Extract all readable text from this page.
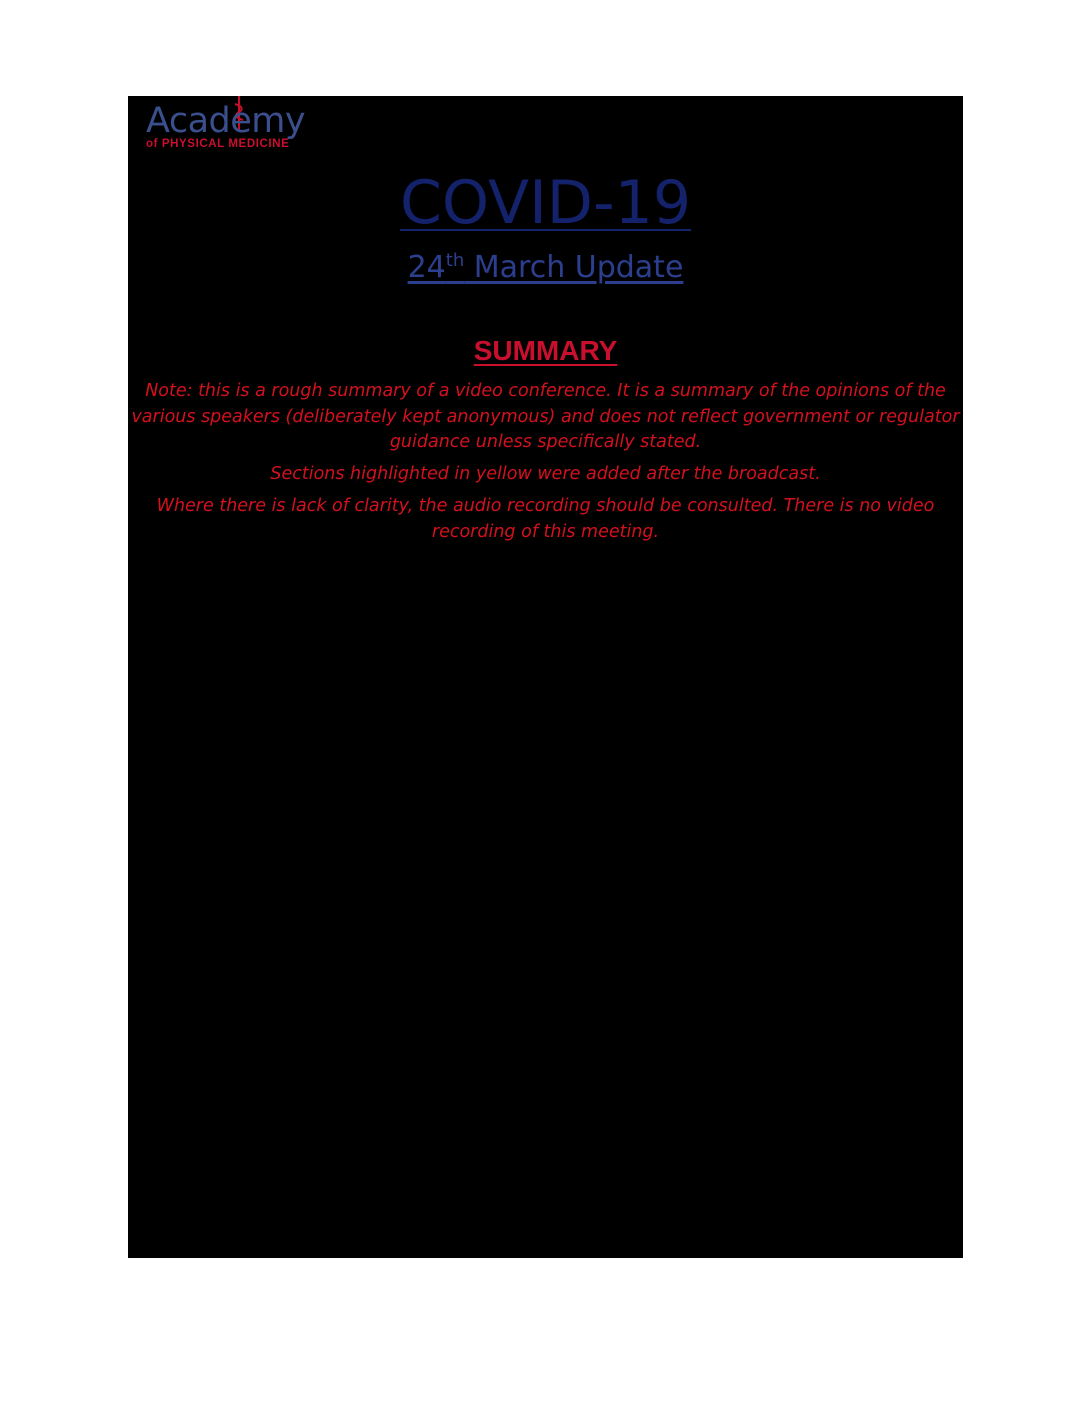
Academy
of PHYSICAL MEDICINE
COVID-19
24th March Update
SUMMARY

Note: this is a rough summary of a video conference. It is a summary of the opinions of the various speakers (deliberately kept anonymous) and does not reflect government or regulator guidance unless specifically stated.

Sections highlighted in yellow were added after the broadcast.

Where there is lack of clarity, the audio recording should be consulted. There is no video recording of this meeting.
